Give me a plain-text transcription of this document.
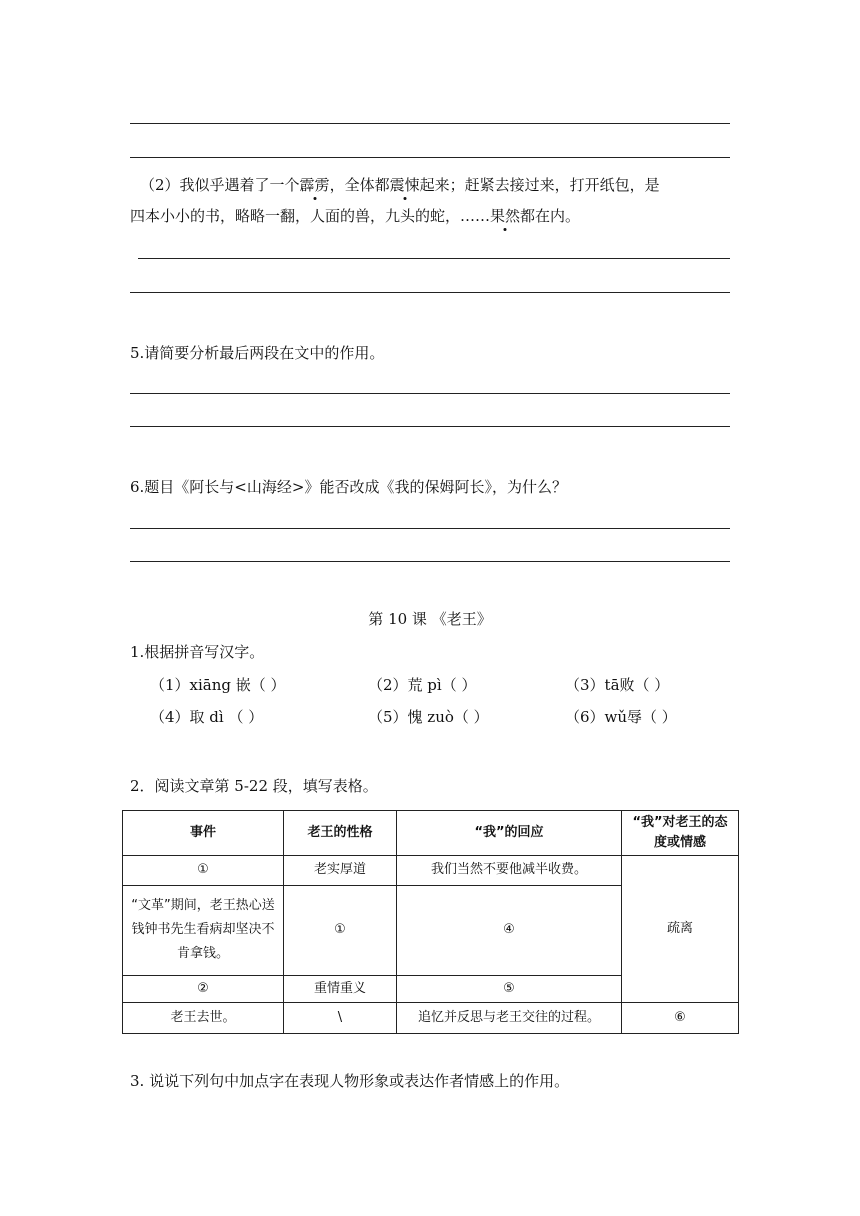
（2）我似乎遇着了一个霹雳，全体都震悚起来；赶紧去接过来，打开纸包，是
四本小小的书，略略一翻，人面的兽，九头的蛇，……果然都在内。
5.请简要分析最后两段在文中的作用。
6.题目《阿长与<山海经>》能否改成《我的保姆阿长》，为什么？
第 10 课 《老王》
1.根据拼音写汉字。
（1）xiāng 嵌（ ）	（2）荒 pì（ ）	（3）tā败（ ）
（4）取 dì （ ）	（5）愧 zuò（ ）	（6）wǔ辱（ ）
2．阅读文章第 5-22 段，填写表格。
事件	老王的性格	“我”的回应	“我”对老王的态度或情感
①	老实厚道	我们当然不要他减半收费。	疏离
“文革”期间，老王热心送钱钟书先生看病却坚决不肯拿钱。	①	④	
②	重情重义	⑤	
老王去世。	\	追忆并反思与老王交往的过程。	⑥
3. 说说下列句中加点字在表现人物形象或表达作者情感上的作用。
